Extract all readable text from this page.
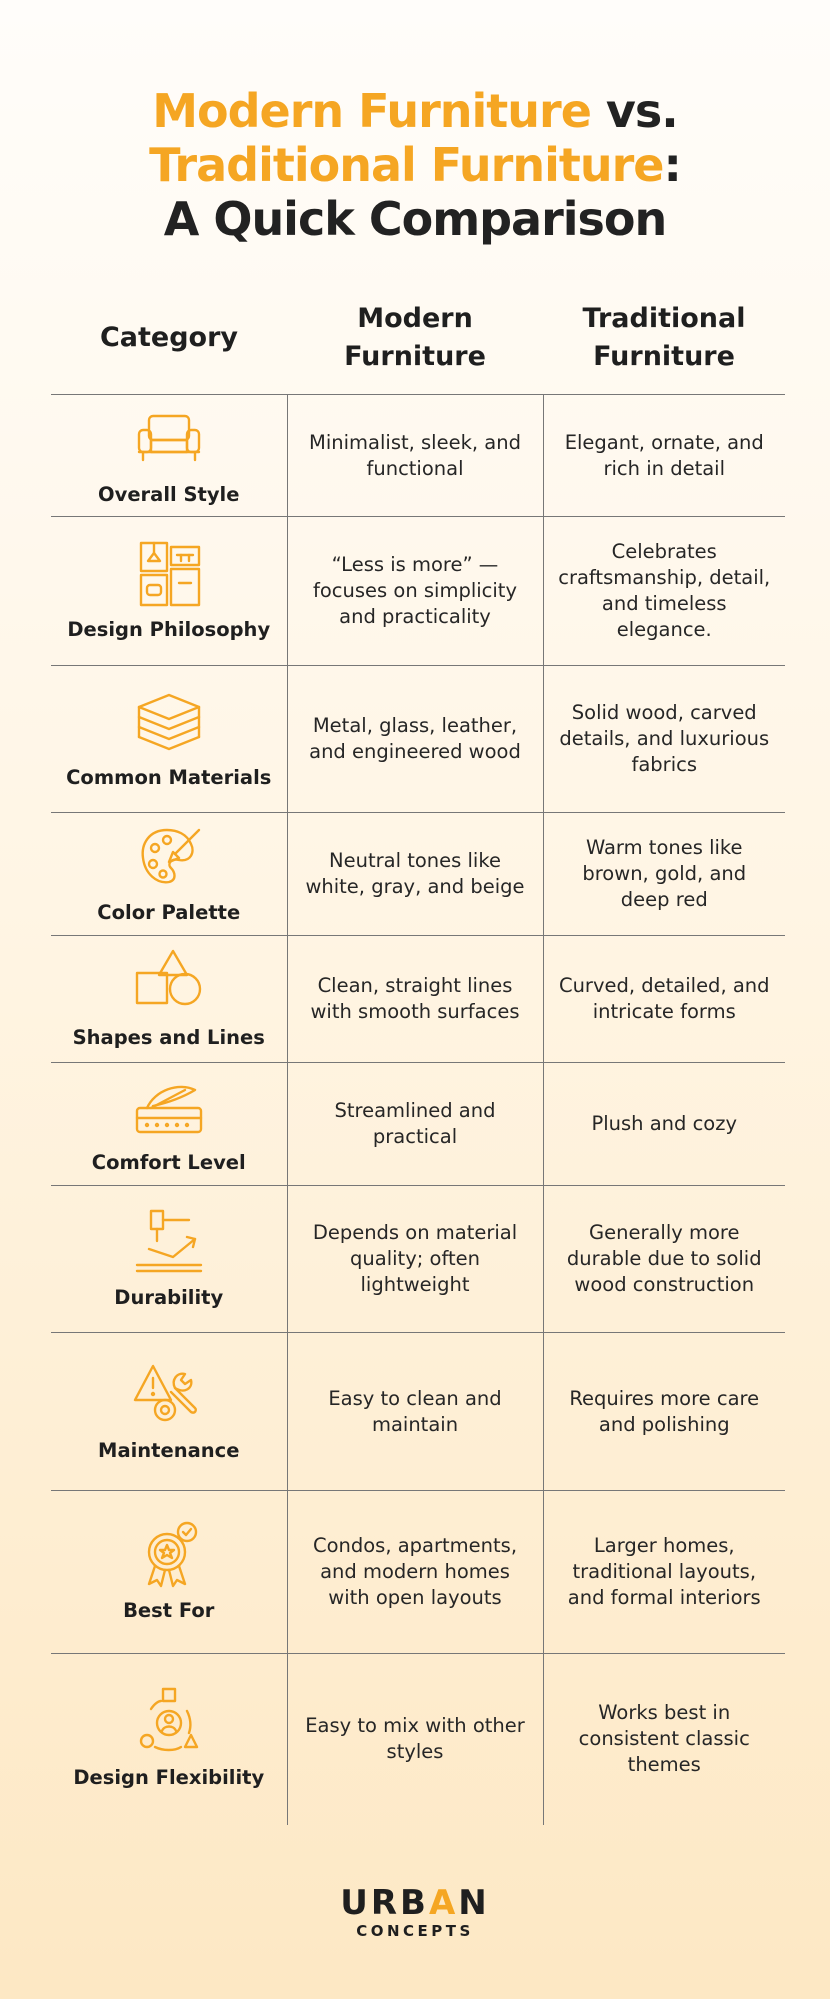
Modern Furniture vs.
Traditional Furniture:
A Quick Comparison
Category	Modern Furniture	Traditional Furniture

Overall Style	Minimalist, sleek, and functional	Elegant, ornate, and rich in detail

Design Philosophy	“Less is more” — focuses on simplicity and practicality	Celebrates craftsmanship, detail, and timeless elegance.

Common Materials	Metal, glass, leather, and engineered wood	Solid wood, carved details, and luxurious fabrics

Color Palette	Neutral tones like white, gray, and beige	Warm tones like brown, gold, and deep red

Shapes and Lines	Clean, straight lines with smooth surfaces	Curved, detailed, and intricate forms

Comfort Level	Streamlined and practical	Plush and cozy

Durability	Depends on material quality; often lightweight	Generally more durable due to solid wood construction

Maintenance	Easy to clean and maintain	Requires more care and polishing

Best For	Condos, apartments, and modern homes with open layouts	Larger homes, traditional layouts, and formal interiors

Design Flexibility	Easy to mix with other styles	Works best in consistent classic themes
URBAN
CONCEPTS
